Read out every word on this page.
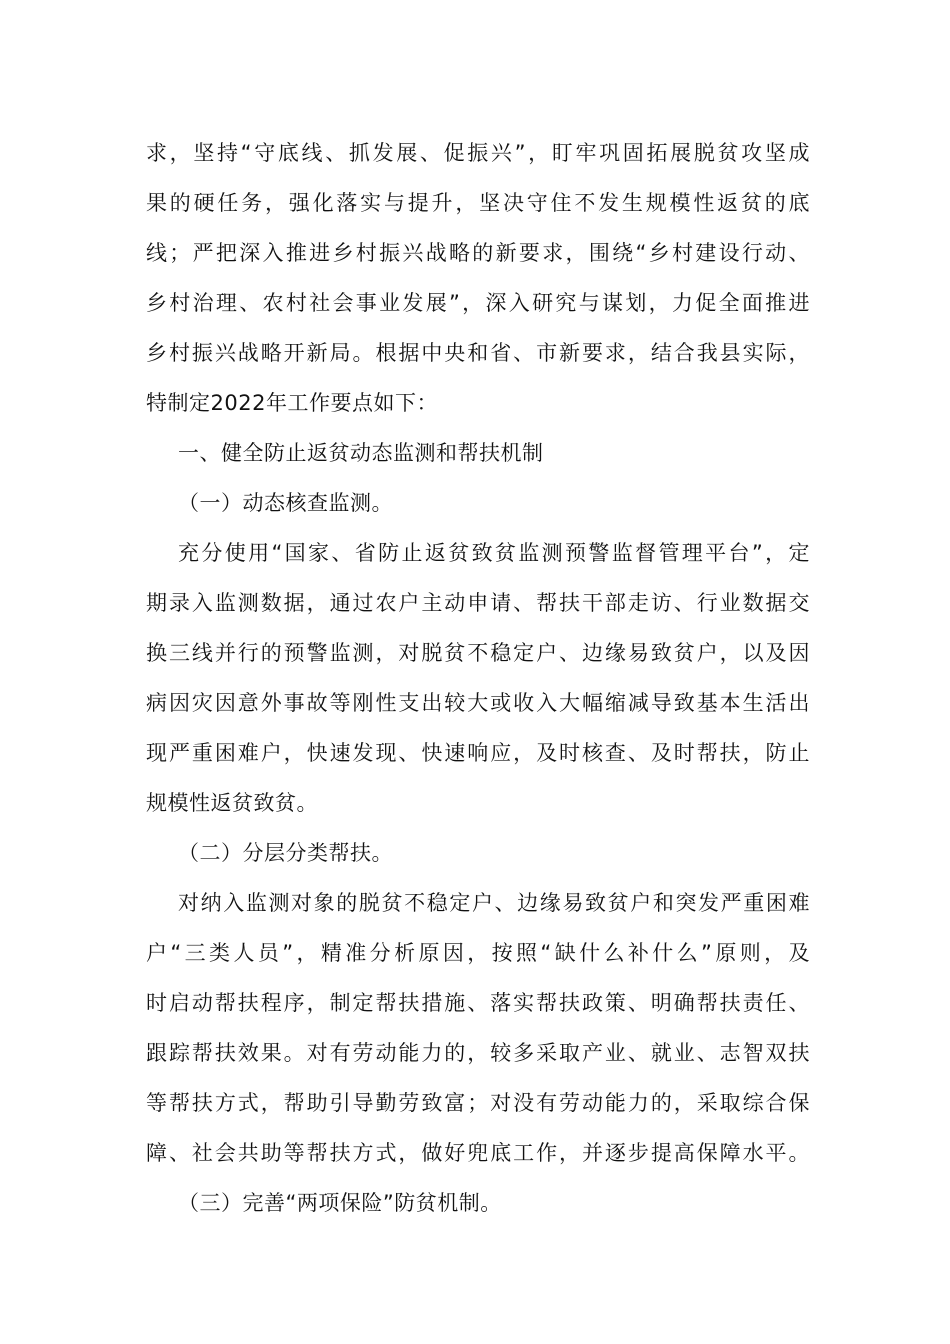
求，坚持“守底线、抓发展、促振兴”，盯牢巩固拓展脱贫攻坚成
果的硬任务，强化落实与提升，坚决守住不发生规模性返贫的底
线；严把深入推进乡村振兴战略的新要求，围绕“乡村建设行动、
乡村治理、农村社会事业发展”，深入研究与谋划，力促全面推进
乡村振兴战略开新局。根据中央和省、市新要求，结合我县实际，
特制定2022年工作要点如下：
一、健全防止返贫动态监测和帮扶机制
（一）动态核查监测。
充分使用“国家、省防止返贫致贫监测预警监督管理平台”，定
期录入监测数据，通过农户主动申请、帮扶干部走访、行业数据交
换三线并行的预警监测，对脱贫不稳定户、边缘易致贫户，以及因
病因灾因意外事故等刚性支出较大或收入大幅缩减导致基本生活出
现严重困难户，快速发现、快速响应，及时核查、及时帮扶，防止
规模性返贫致贫。
（二）分层分类帮扶。
对纳入监测对象的脱贫不稳定户、边缘易致贫户和突发严重困难
户“三类人员”，精准分析原因，按照“缺什么补什么”原则，及
时启动帮扶程序，制定帮扶措施、落实帮扶政策、明确帮扶责任、
跟踪帮扶效果。对有劳动能力的，较多采取产业、就业、志智双扶
等帮扶方式，帮助引导勤劳致富；对没有劳动能力的，采取综合保
障、社会共助等帮扶方式，做好兜底工作，并逐步提高保障水平。
（三）完善“两项保险”防贫机制。
